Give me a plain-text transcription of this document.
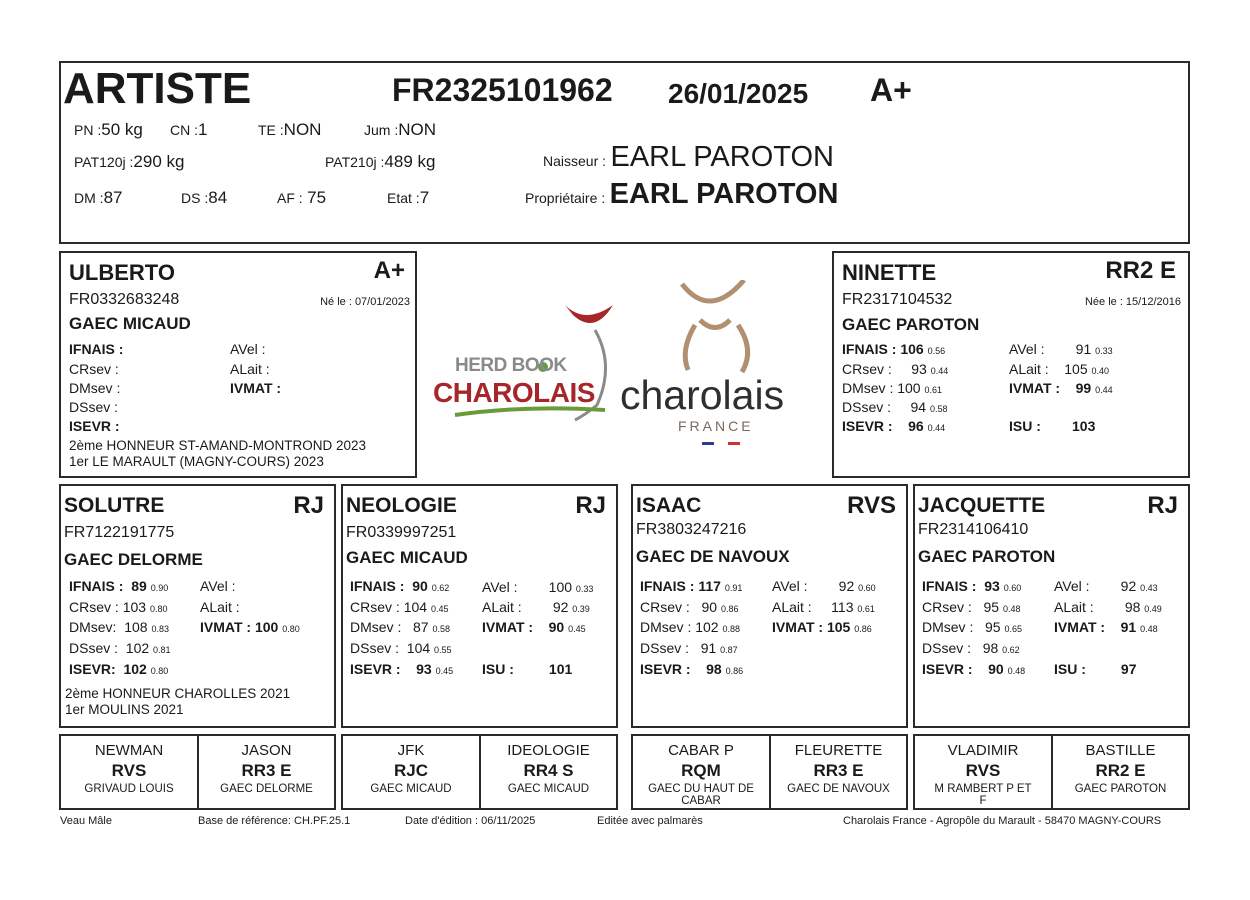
ARTISTE	FR2325101962 26/01/2025 A+
PN :50 kg CN :1	TE :NON	Jum :NON
PAT120j :290 kg	PAT210j :489 kg
DM :87	DS :84	AF : 75	Etat :7
Naisseur : EARL PAROTON
Propriétaire : EARL PAROTON
ULBERTO	A+
FR0332683248	Né le : 07/01/2023
GAEC MICAUD
IFNAIS :
CRsev :
DMsev :
DSsev :
ISEVR :
AVel :
ALait :
IVMAT :
2ème HONNEUR ST-AMAND-MONTROND 2023
1er LE MARAULT (MAGNY-COURS) 2023
HERD BOOK
CHAROLAIS charolais
FRANCE
NINETTE	RR2 E
FR2317104532	Née le : 15/12/2016
GAEC PAROTON
IFNAIS : 106 0.56
CRsev : 93 0.44
DMsev : 100 0.61
DSsev : 94 0.58
ISEVR : 96 0.44
AVel : 91 0.33
ALait : 105 0.40
IVMAT : 99 0.44
ISU : 103
SOLUTRE	RJ
FR7122191775
GAEC DELORME
IFNAIS : 89 0.90
CRsev : 103 0.80
DMsev: 108 0.83
DSsev : 102 0.81
ISEVR: 102 0.80
AVel :
ALait :
IVMAT : 100 0.80
2ème HONNEUR CHAROLLES 2021
1er MOULINS 2021
NEOLOGIE	RJ
FR0339997251
GAEC MICAUD
IFNAIS : 90 0.62
CRsev : 104 0.45
DMsev : 87 0.58
DSsev : 104 0.55
ISEVR : 93 0.45
AVel : 100 0.33
ALait : 92 0.39
IVMAT : 90 0.45
ISU :	101
ISAAC	RVS
FR3803247216
GAEC DE NAVOUX
IFNAIS : 117 0.91
CRsev : 90 0.86
DMsev : 102 0.88
DSsev : 91 0.87
ISEVR : 98 0.86
AVel : 92 0.60
ALait : 113 0.61
IVMAT : 105 0.86
JACQUETTE	RJ
FR2314106410
GAEC PAROTON
IFNAIS : 93 0.60
CRsev : 95 0.48
DMsev : 95 0.65
DSsev : 98 0.62
ISEVR : 90 0.48
AVel : 92 0.43
ALait : 98 0.49
IVMAT : 91 0.48
ISU :	97
NEWMAN
RVS
GRIVAUD LOUIS
JASON
RR3 E
GAEC DELORME
JFK
RJC
GAEC MICAUD
IDEOLOGIE
RR4 S
GAEC MICAUD
CABAR P
RQM
GAEC DU HAUT DE CABAR
FLEURETTE
RR3 E
GAEC DE NAVOUX
VLADIMIR
RVS
M RAMBERT P ET F
BASTILLE
RR2 E
GAEC PAROTON
Veau Mâle	Base de référence: CH.PF.25.1	Date d'édition : 06/11/2025	Editée avec palmarès	Charolais France - Agropôle du Marault - 58470 MAGNY-COURS
